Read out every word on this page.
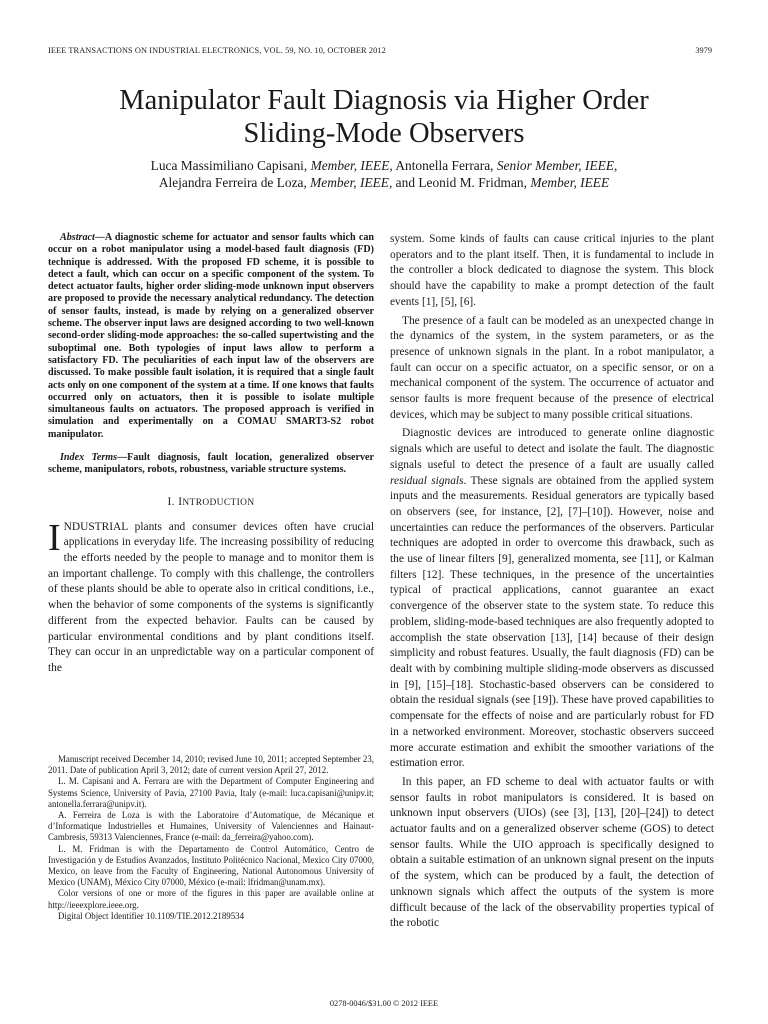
IEEE TRANSACTIONS ON INDUSTRIAL ELECTRONICS, VOL. 59, NO. 10, OCTOBER 2012	3979
Manipulator Fault Diagnosis via Higher Order
Sliding-Mode Observers
Luca Massimiliano Capisani, Member, IEEE, Antonella Ferrara, Senior Member, IEEE,
Alejandra Ferreira de Loza, Member, IEEE, and Leonid M. Fridman, Member, IEEE

Abstract—A diagnostic scheme for actuator and sensor faults which can occur on a robot manipulator using a model-based fault diagnosis (FD) technique is addressed. With the proposed FD scheme, it is possible to detect a fault, which can occur on a specific component of the system. To detect actuator faults, higher order sliding-mode unknown input observers are proposed to provide the necessary analytical redundancy. The detection of sensor faults, instead, is made by relying on a generalized observer scheme. The observer input laws are designed according to two well-known second-order sliding-mode approaches: the so-called supertwisting and the suboptimal one. Both typologies of input laws allow to perform a satisfactory FD. The peculiarities of each input law of the observers are discussed. To make possible fault isolation, it is required that a single fault acts only on one component of the system at a time. If one knows that faults occurred only on actuators, then it is possible to isolate multiple simultaneous faults on actuators. The proposed approach is verified in simulation and experimentally on a COMAU SMART3-S2 robot manipulator.

Index Terms—Fault diagnosis, fault location, generalized observer scheme, manipulators, robots, robustness, variable structure systems.

I. INTRODUCTION

INDUSTRIAL plants and consumer devices often have crucial applications in everyday life. The increasing possibility of reducing the efforts needed by the people to manage and to monitor them is an important challenge. To comply with this challenge, the controllers of these plants should be able to operate also in critical conditions, i.e., when the behavior of some components of the systems is significantly different from the expected behavior. Faults can be caused by particular environmental conditions and by plant conditions itself. They can occur in an unpredictable way on a particular component of the

Manuscript received December 14, 2010; revised June 10, 2011; accepted September 23, 2011. Date of publication April 3, 2012; date of current version April 27, 2012.

L. M. Capisani and A. Ferrara are with the Department of Computer Engineering and Systems Science, University of Pavia, 27100 Pavia, Italy (e-mail: luca.capisani@unipv.it; antonella.ferrara@unipv.it).

A. Ferreira de Loza is with the Laboratoire d’Automatique, de Mécanique et d’Informatique Industrielles et Humaines, University of Valenciennes and Hainaut-Cambresis, 59313 Valenciennes, France (e-mail: da_ferreira@yahoo.com).

L. M. Fridman is with the Departamento de Control Automático, Centro de Investigación y de Estudios Avanzados, Instituto Politécnico Nacional, Mexico City 07000, Mexico, on leave from the Faculty of Engineering, National Autonomous University of Mexico (UNAM), México City 07000, México (e-mail: lfridman@unam.mx).

Color versions of one or more of the figures in this paper are available online at http://ieeexplore.ieee.org.

Digital Object Identifier 10.1109/TIE.2012.2189534

system. Some kinds of faults can cause critical injuries to the plant operators and to the plant itself. Then, it is fundamental to include in the controller a block dedicated to diagnose the system. This block should have the capability to make a prompt detection of the fault events [1], [5], [6].

The presence of a fault can be modeled as an unexpected change in the dynamics of the system, in the system parameters, or as the presence of unknown signals in the plant. In a robot manipulator, a fault can occur on a specific actuator, on a specific sensor, or on a mechanical component of the system. The occurrence of actuator and sensor faults is more frequent because of the presence of electrical devices, which may be subject to many possible critical situations.

Diagnostic devices are introduced to generate online diagnostic signals which are useful to detect and isolate the fault. The diagnostic signals useful to detect the presence of a fault are usually called residual signals. These signals are obtained from the applied system inputs and the measurements. Residual generators are typically based on observers (see, for instance, [2], [7]–[10]). However, noise and uncertainties can reduce the performances of the observers. Particular techniques are adopted in order to overcome this drawback, such as the use of linear filters [9], generalized momenta, see [11], or Kalman filters [12]. These techniques, in the presence of the uncertainties typical of practical applications, cannot guarantee an exact convergence of the observer state to the system state. To reduce this problem, sliding-mode-based techniques are also frequently adopted to accomplish the state observation [13], [14] because of their design simplicity and robust features. Usually, the fault diagnosis (FD) can be dealt with by combining multiple sliding-mode observers as discussed in [9], [15]–[18]. Stochastic-based observers can be considered to obtain the residual signals (see [19]). These have proved capabilities to compensate for the effects of noise and are particularly robust for FD in a networked environment. Moreover, stochastic observers succeed more accurate estimation and exhibit the smoother variations of the estimation error.

In this paper, an FD scheme to deal with actuator faults or with sensor faults in robot manipulators is considered. It is based on unknown input observers (UIOs) (see [3], [13], [20]–[24]) to detect actuator faults and on a generalized observer scheme (GOS) to detect sensor faults. While the UIO approach is specifically designed to obtain a suitable estimation of an unknown signal present on the inputs of the system, which can be produced by a fault, the detection of unknown signals which affect the outputs of the system is more difficult because of the lack of the observability properties typical of the robotic

0278-0046/$31.00 © 2012 IEEE
